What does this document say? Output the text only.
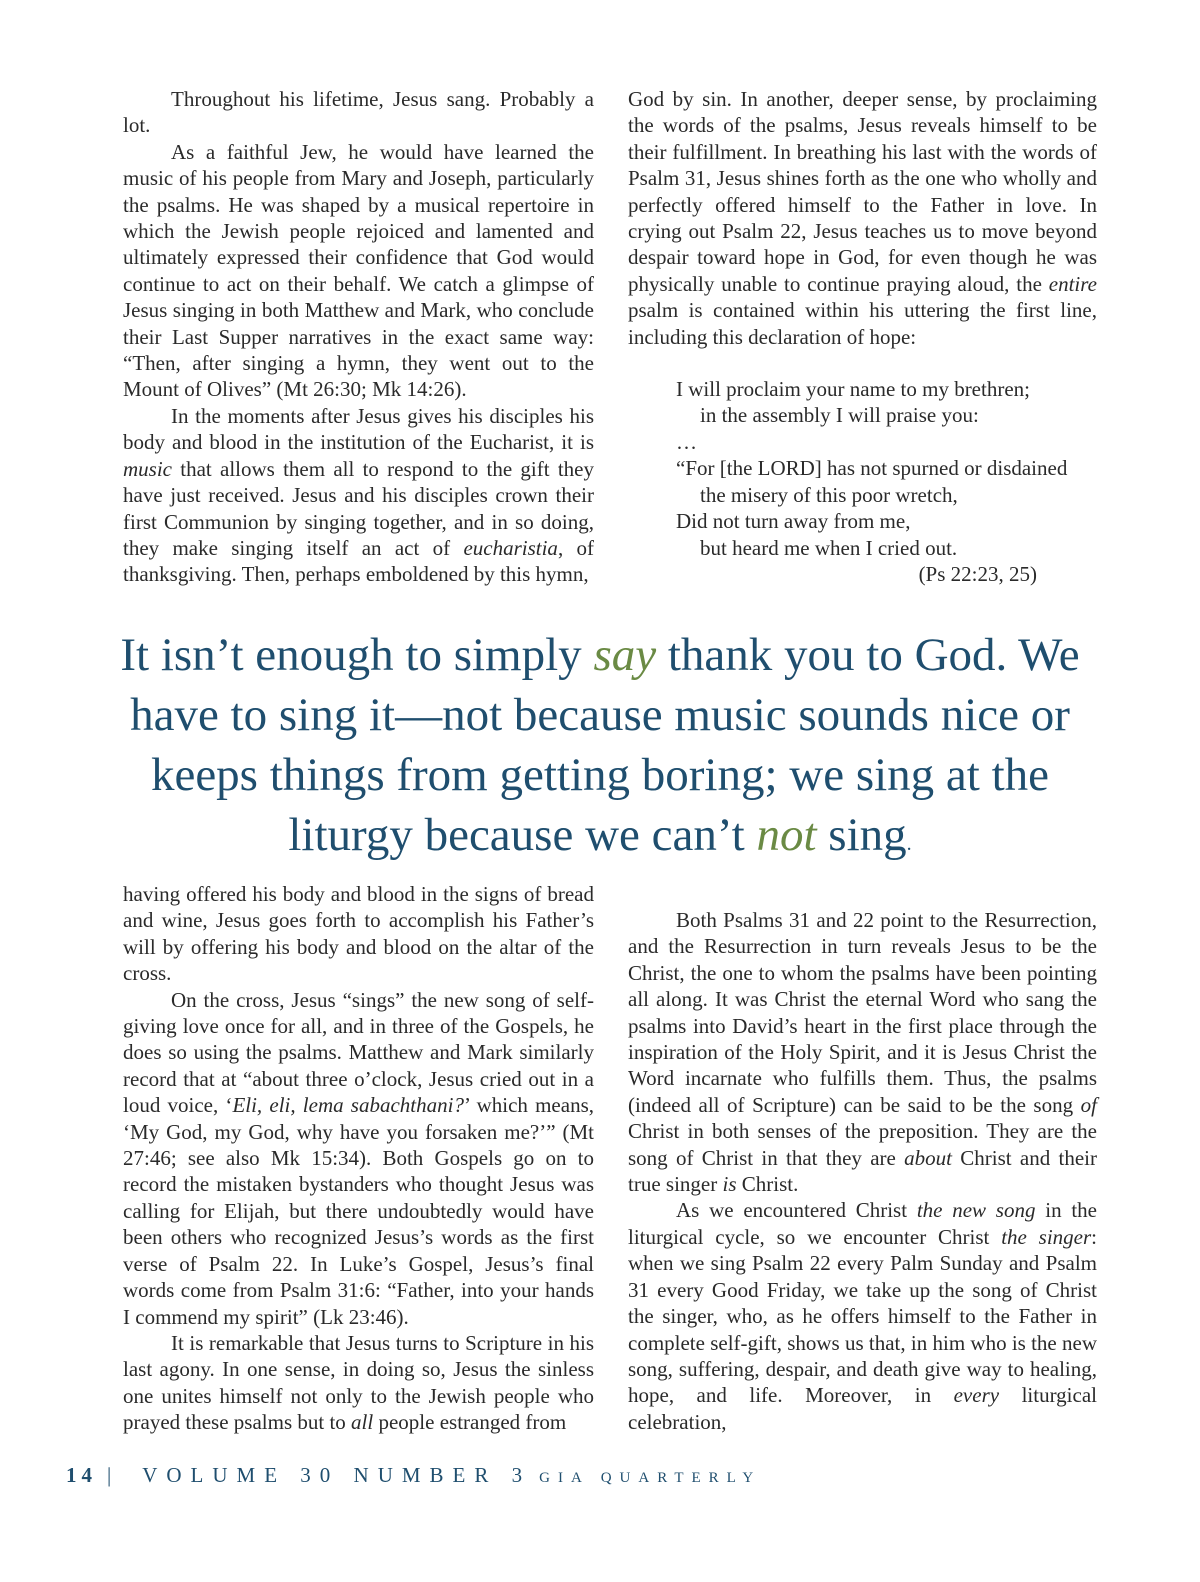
Throughout his lifetime, Jesus sang. Probably a lot.

As a faithful Jew, he would have learned the music of his people from Mary and Joseph, particularly the psalms. He was shaped by a musical repertoire in which the Jewish people rejoiced and lamented and ultimately expressed their confidence that God would continue to act on their behalf. We catch a glimpse of Jesus singing in both Matthew and Mark, who conclude their Last Supper narratives in the exact same way: “Then, after singing a hymn, they went out to the Mount of Olives” (Mt 26:30; Mk 14:26).

In the moments after Jesus gives his disciples his body and blood in the institution of the Eucharist, it is music that allows them all to respond to the gift they have just received. Jesus and his disciples crown their first Communion by singing together, and in so doing, they make singing itself an act of eucharistia, of thanksgiving. Then, perhaps emboldened by this hymn,

God by sin. In another, deeper sense, by proclaiming the words of the psalms, Jesus reveals himself to be their fulfillment. In breathing his last with the words of Psalm 31, Jesus shines forth as the one who wholly and perfectly offered himself to the Father in love. In crying out Psalm 22, Jesus teaches us to move beyond despair toward hope in God, for even though he was physically unable to continue praying aloud, the entire psalm is contained within his uttering the first line, including this declaration of hope:

I will proclaim your name to my brethren;
in the assembly I will praise you:
…
“For [the LORD] has not spurned or disdained
the misery of this poor wretch,
Did not turn away from me,
but heard me when I cried out.
(Ps 22:23, 25)
It isn’t enough to simply say thank you to God. We have to sing it—not because music sounds nice or keeps things from getting boring; we sing at the liturgy because we can’t not sing.

having offered his body and blood in the signs of bread and wine, Jesus goes forth to accomplish his Father’s will by offering his body and blood on the altar of the cross.

On the cross, Jesus “sings” the new song of self-giving love once for all, and in three of the Gospels, he does so using the psalms. Matthew and Mark similarly record that at “about three o’clock, Jesus cried out in a loud voice, ‘Eli, eli, lema sabachthani?’ which means, ‘My God, my God, why have you forsaken me?’” (Mt 27:46; see also Mk 15:34). Both Gospels go on to record the mistaken bystanders who thought Jesus was calling for Elijah, but there undoubtedly would have been others who recognized Jesus’s words as the first verse of Psalm 22. In Luke’s Gospel, Jesus’s final words come from Psalm 31:6: “Father, into your hands I commend my spirit” (Lk 23:46).

It is remarkable that Jesus turns to Scripture in his last agony. In one sense, in doing so, Jesus the sinless one unites himself not only to the Jewish people who prayed these psalms but to all people estranged from

Both Psalms 31 and 22 point to the Resurrection, and the Resurrection in turn reveals Jesus to be the Christ, the one to whom the psalms have been pointing all along. It was Christ the eternal Word who sang the psalms into David’s heart in the first place through the inspiration of the Holy Spirit, and it is Jesus Christ the Word incarnate who fulfills them. Thus, the psalms (indeed all of Scripture) can be said to be the song of Christ in both senses of the preposition. They are the song of Christ in that they are about Christ and their true singer is Christ.

As we encountered Christ the new song in the liturgical cycle, so we encounter Christ the singer: when we sing Psalm 22 every Palm Sunday and Psalm 31 every Good Friday, we take up the song of Christ the singer, who, as he offers himself to the Father in complete self-gift, shows us that, in him who is the new song, suffering, despair, and death give way to healing, hope, and life. Moreover, in every liturgical celebration,

14 | VOLUME 30 NUMBER 3 GIA QUARTERLY
